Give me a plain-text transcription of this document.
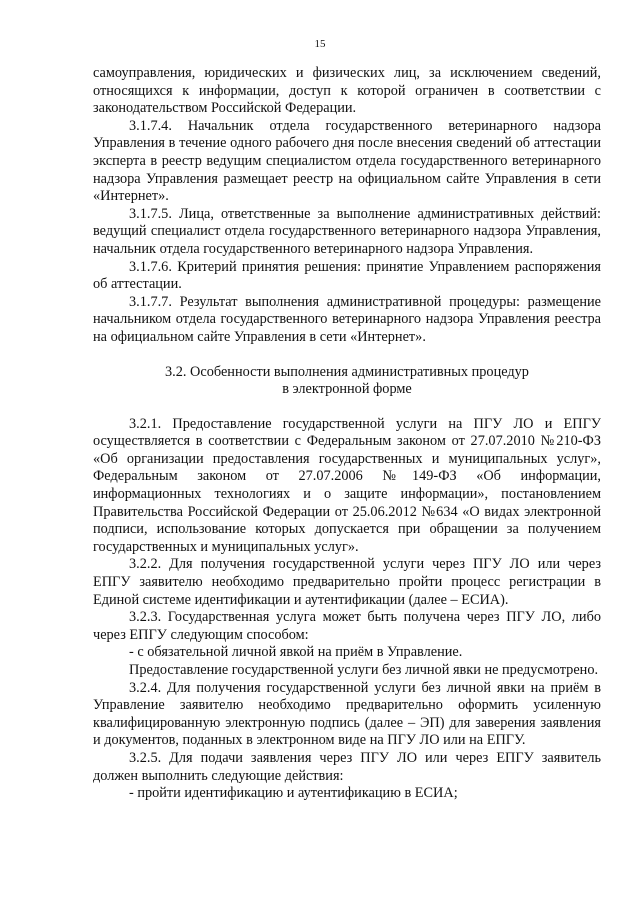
15

самоуправления, юридических и физических лиц, за исключением сведений, относящихся к информации, доступ к которой ограничен в соответствии с законодательством Российской Федерации.

3.1.7.4. Начальник отдела государственного ветеринарного надзора Управления в течение одного рабочего дня после внесения сведений об аттестации эксперта в реестр ведущим специалистом отдела государственного ветеринарного надзора Управления размещает реестр на официальном сайте Управления в сети «Интернет».

3.1.7.5. Лица, ответственные за выполнение административных действий: ведущий специалист отдела государственного ветеринарного надзора Управления, начальник отдела государственного ветеринарного надзора Управления.

3.1.7.6. Критерий принятия решения: принятие Управлением распоряжения об аттестации.

3.1.7.7. Результат выполнения административной процедуры: размещение начальником отдела государственного ветеринарного надзора Управления реестра на официальном сайте Управления в сети «Интернет».

3.2. Особенности выполнения административных процедур
в электронной форме

3.2.1. Предоставление государственной услуги на ПГУ ЛО и ЕПГУ осуществляется в соответствии с Федеральным законом от 27.07.2010 №210-ФЗ «Об организации предоставления государственных и муниципальных услуг», Федеральным законом от 27.07.2006 №149-ФЗ «Об информации, информационных технологиях и о защите информации», постановлением Правительства Российской Федерации от 25.06.2012 №634 «О видах электронной подписи, использование которых допускается при обращении за получением государственных и муниципальных услуг».

3.2.2. Для получения государственной услуги через ПГУ ЛО или через ЕПГУ заявителю необходимо предварительно пройти процесс регистрации в Единой системе идентификации и аутентификации (далее – ЕСИА).

3.2.3. Государственная услуга может быть получена через ПГУ ЛО, либо через ЕПГУ следующим способом:

- с обязательной личной явкой на приём в Управление.

Предоставление государственной услуги без личной явки не предусмотрено.

3.2.4. Для получения государственной услуги без личной явки на приём в Управление заявителю необходимо предварительно оформить усиленную квалифицированную электронную подпись (далее – ЭП) для заверения заявления и документов, поданных в электронном виде на ПГУ ЛО или на ЕПГУ.

3.2.5. Для подачи заявления через ПГУ ЛО или через ЕПГУ заявитель должен выполнить следующие действия:

- пройти идентификацию и аутентификацию в ЕСИА;
